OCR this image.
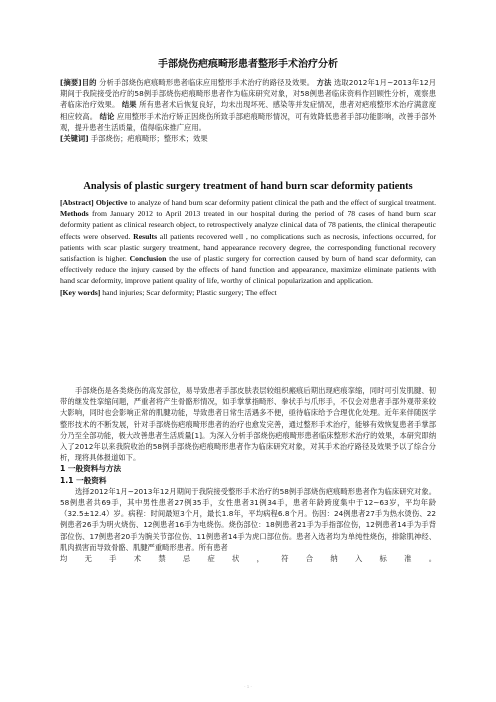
手部烧伤疤痕畸形患者整形手术治疗分析

[摘要]目的 分析手部烧伤疤痕畸形患者临床应用整形手术治疗的路径及效果。 方法 选取2012年1月~2013年12月期间于我院接受治疗的58例手部烧伤疤痕畸形患者作为临床研究对象，对58例患者临床资料作回顾性分析，观察患者临床治疗效果。 结果 所有患者术后恢复良好，均未出现坏死、感染等并发症情况，患者对疤痕整形术治疗满意度相应较高。 结论 应用整形手术治疗矫正因烧伤所致手部疤痕畸形情况，可有效降低患者手部功能影响，改善手部外观，提升患者生活质量，值得临床推广应用。

[关键词] 手部烧伤；疤痕畸形；整形术；效果

Analysis of plastic surgery treatment of hand burn scar deformity patients

[Abstract] Objective to analyze of hand burn scar deformity patient clinical the path and the effect of surgical treatment. Methods from January 2012 to April 2013 treated in our hospital during the period of 78 cases of hand burn scar deformity patient as clinical research object, to retrospectively analyze clinical data of 78 patients, the clinical therapeutic effects were observed. Results all patients recovered well , no complications such as necrosis, infections occurred, for patients with scar plastic surgery treatment, hand appearance recovery degree, the corresponding functional recovery satisfaction is higher. Conclusion the use of plastic surgery for correction caused by burn of hand scar deformity, can effectively reduce the injury caused by the effects of hand function and appearance, maximize eliminate patients with hand scar deformity, improve patient quality of life, worthy of clinical popularization and application.

[Key words] hand injuries; Scar deformity; Plastic surgery; The effect

手部烧伤是各类烧伤的高发部位，易导致患者手部皮肤表层较组织瘢痕后期出现疤痕挛缩，同时可引发肌腱、韧带的继发性挛缩问题，严重者将产生骨骼形情况，如手掌掌指畸形、拳状手与爪形手，不仅会对患者手部外观带来较大影响，同时也会影响正常的肌腱功能，导致患者日常生活遇多不便，亟待临床给予合理优化处理。近年来伴随医学整形技术的不断发展，针对手部烧伤疤痕畸形患者的治疗也愈发完善，通过整形手术治疗，能够有效恢复患者手掌部分乃至全部功能，极大改善患者生活质量[1]。为深入分析手部烧伤疤痕畸形患者临床整形术治疗的效果，本研究即纳入了2012年以来我院收治的58例手部烧伤疤痕畸形患者作为临床研究对象，对其手术治疗路径及效果予以了综合分析，现将具体报道如下。

1 一般资料与方法

1.1 一般资料

选择2012年1月~2013年12月期间于我院接受整形手术治疗的58例手部烧伤疤痕畸形患者作为临床研究对象。58例患者共69手，其中男性患者27例35手，女性患者31例34手，患者年龄跨度集中于12~63岁，平均年龄（32.5±12.4）岁。病程：时间最短3个月，最长1.8年，平均病程6.8个月。伤因：24例患者27手为热水烫伤、22例患者26手为明火烧伤、12例患者16手为电烧伤。烧伤部位：18例患者21手为手指部位伤，12例患者14手为手背部位伤、17例患者20手为腕关节部位伤、11例患者14手为虎口部位伤。患者入选者均为单纯性烧伤，排除肌神经、肌肉损害而导致骨骼、肌腱严重畸形患者。所有患者

均无手术禁忌症状，符合纳入标准。

- 1 -
